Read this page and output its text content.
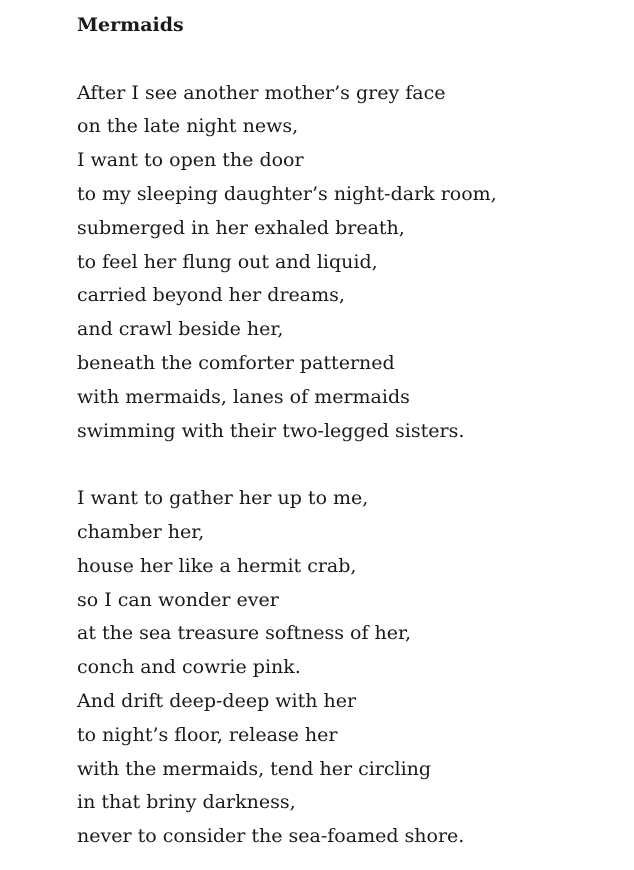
Mermaids
After I see another mother’s grey face
on the late night news,
I want to open the door
to my sleeping daughter’s night-dark room,
submerged in her exhaled breath,
to feel her flung out and liquid,
carried beyond her dreams,
and crawl beside her,
beneath the comforter patterned
with mermaids, lanes of mermaids
swimming with their two-legged sisters.
I want to gather her up to me,
chamber her,
house her like a hermit crab,
so I can wonder ever
at the sea treasure softness of her,
conch and cowrie pink.
And drift deep-deep with her
to night’s floor, release her
with the mermaids, tend her circling
in that briny darkness,
never to consider the sea-foamed shore.
